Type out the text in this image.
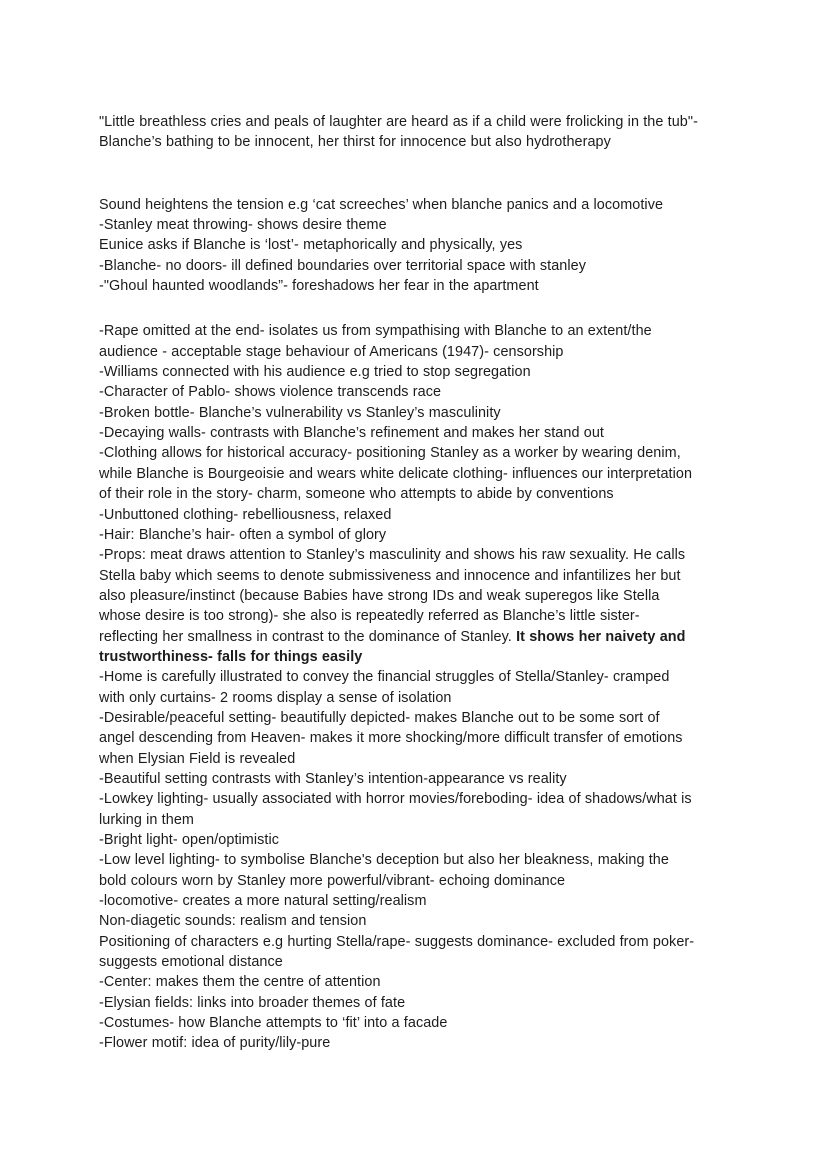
"Little breathless cries and peals of laughter are heard as if a child were frolicking in the tub"-
Blanche’s bathing to be innocent, her thirst for innocence but also hydrotherapy
Sound heightens the tension e.g ‘cat screeches’ when blanche panics and a locomotive
-Stanley meat throwing- shows desire theme
Eunice asks if Blanche is ‘lost’- metaphorically and physically, yes
-Blanche- no doors- ill defined boundaries over territorial space with stanley
-"Ghoul haunted woodlands”- foreshadows her fear in the apartment
-Rape omitted at the end- isolates us from sympathising with Blanche to an extent/the
audience - acceptable stage behaviour of Americans (1947)- censorship
-Williams connected with his audience e.g tried to stop segregation
-Character of Pablo- shows violence transcends race
-Broken bottle- Blanche’s vulnerability vs Stanley’s masculinity
-Decaying walls- contrasts with Blanche’s refinement and makes her stand out
-Clothing allows for historical accuracy- positioning Stanley as a worker by wearing denim,
while Blanche is Bourgeoisie and wears white delicate clothing- influences our interpretation
of their role in the story- charm, someone who attempts to abide by conventions
-Unbuttoned clothing- rebelliousness, relaxed
-Hair: Blanche’s hair- often a symbol of glory
-Props: meat draws attention to Stanley’s masculinity and shows his raw sexuality. He calls
Stella baby which seems to denote submissiveness and innocence and infantilizes her but
also pleasure/instinct (because Babies have strong IDs and weak superegos like Stella
whose desire is too strong)- she also is repeatedly referred as Blanche’s little sister-
reflecting her smallness in contrast to the dominance of Stanley. It shows her naivety and trustworthiness- falls for things easily
-Home is carefully illustrated to convey the financial struggles of Stella/Stanley- cramped
with only curtains- 2 rooms display a sense of isolation
-Desirable/peaceful setting- beautifully depicted- makes Blanche out to be some sort of
angel descending from Heaven- makes it more shocking/more difficult transfer of emotions
when Elysian Field is revealed
-Beautiful setting contrasts with Stanley’s intention-appearance vs reality
-Lowkey lighting- usually associated with horror movies/foreboding- idea of shadows/what is
lurking in them
-Bright light- open/optimistic
-Low level lighting- to symbolise Blanche's deception but also her bleakness, making the
bold colours worn by Stanley more powerful/vibrant- echoing dominance
-locomotive- creates a more natural setting/realism
Non-diagetic sounds: realism and tension
Positioning of characters e.g hurting Stella/rape- suggests dominance- excluded from poker-
suggests emotional distance
-Center: makes them the centre of attention
-Elysian fields: links into broader themes of fate
-Costumes- how Blanche attempts to ‘fit’ into a facade
-Flower motif: idea of purity/lily-pure
